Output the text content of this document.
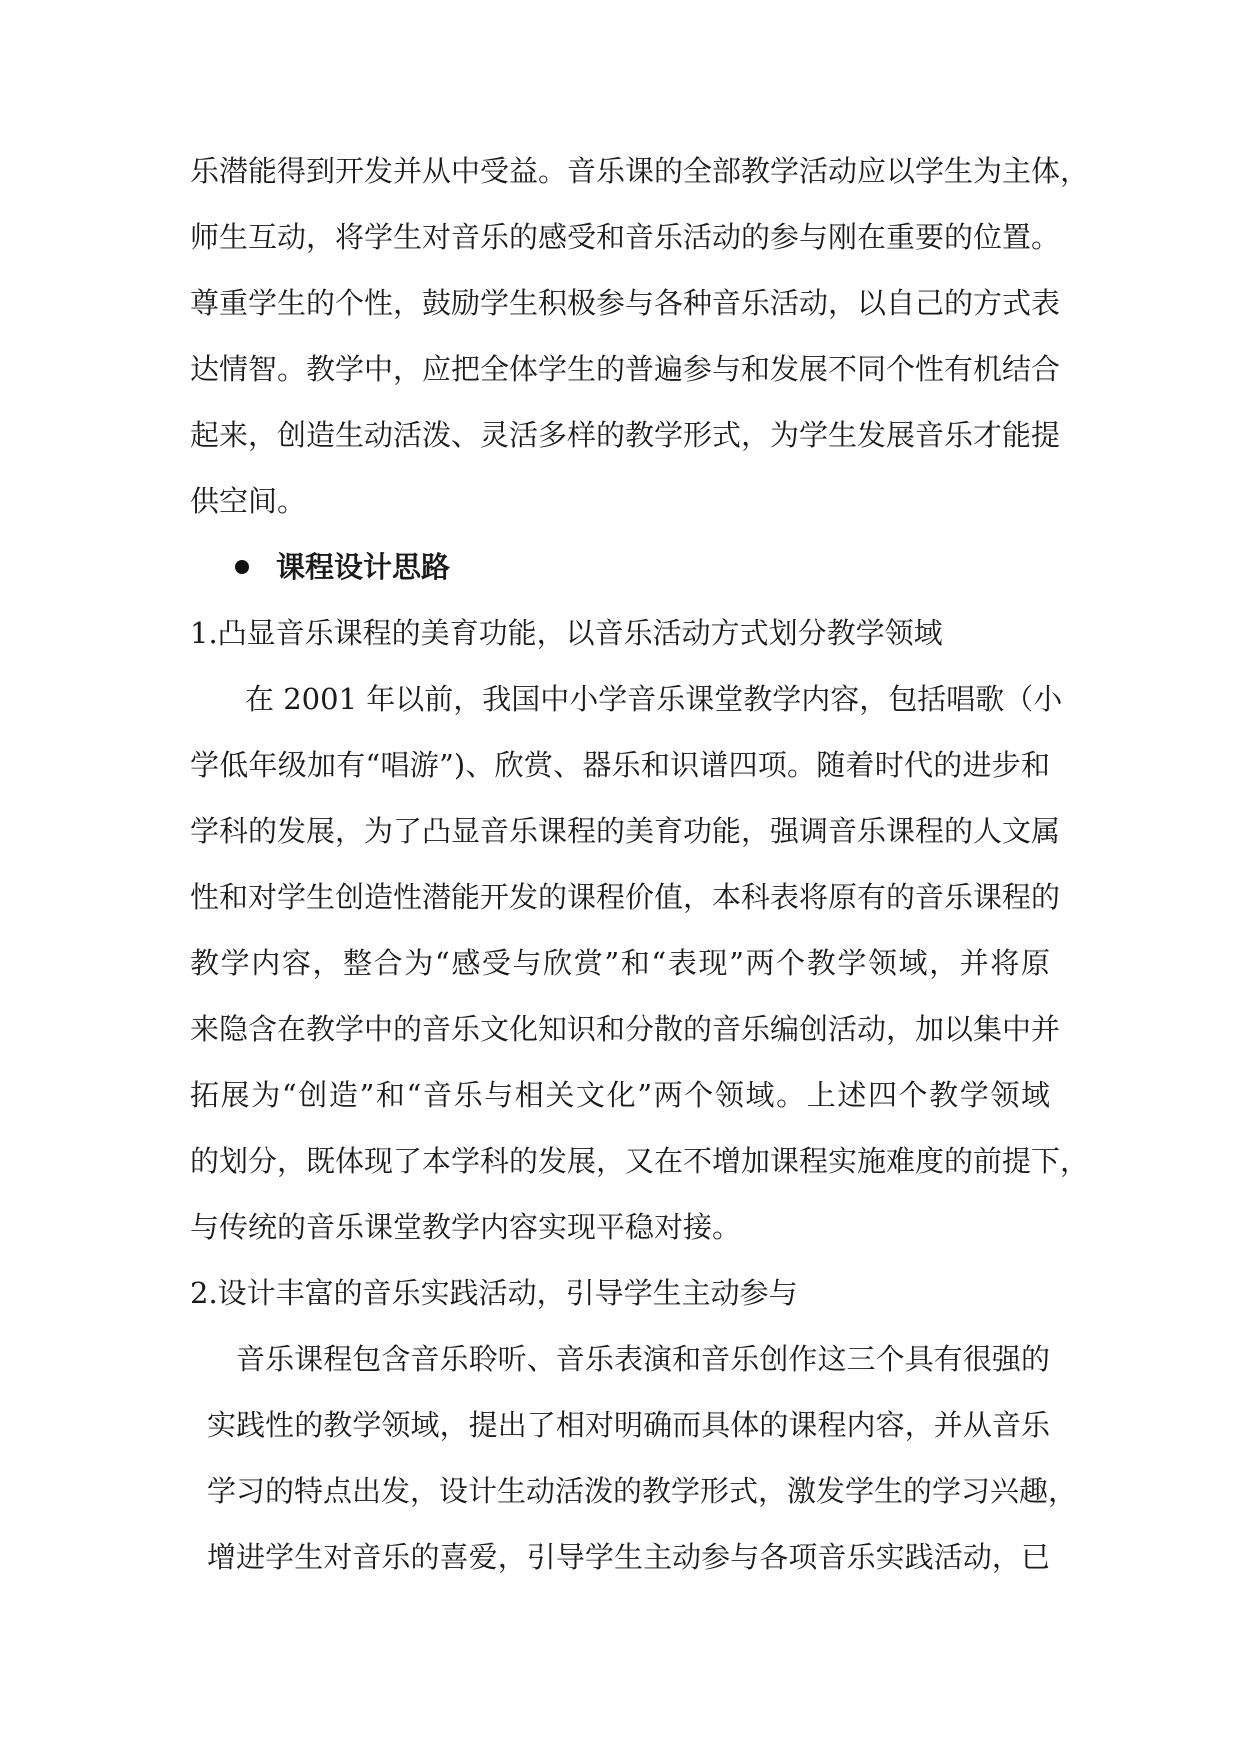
乐潜能得到开发并从中受益。音乐课的全部教学活动应以学生为主体，
师生互动，将学生对音乐的感受和音乐活动的参与刚在重要的位置。
尊重学生的个性，鼓励学生积极参与各种音乐活动，以自己的方式表
达情智。教学中，应把全体学生的普遍参与和发展不同个性有机结合
起来，创造生动活泼、灵活多样的教学形式，为学生发展音乐才能提
供空间。
课程设计思路
1.凸显音乐课程的美育功能，以音乐活动方式划分教学领域
在 2001 年以前，我国中小学音乐课堂教学内容，包括唱歌（小
学低年级加有“唱游”)、欣赏、器乐和识谱四项。随着时代的进步和
学科的发展，为了凸显音乐课程的美育功能，强调音乐课程的人文属
性和对学生创造性潜能开发的课程价值，本科表将原有的音乐课程的
教学内容，整合为“感受与欣赏”和“表现”两个教学领域，并将原
来隐含在教学中的音乐文化知识和分散的音乐编创活动，加以集中并
拓展为“创造”和“音乐与相关文化”两个领域。上述四个教学领域
的划分，既体现了本学科的发展，又在不增加课程实施难度的前提下，
与传统的音乐课堂教学内容实现平稳对接。
2.设计丰富的音乐实践活动，引导学生主动参与
音乐课程包含音乐聆听、音乐表演和音乐创作这三个具有很强的
实践性的教学领域，提出了相对明确而具体的课程内容，并从音乐
学习的特点出发，设计生动活泼的教学形式，激发学生的学习兴趣，
增进学生对音乐的喜爱，引导学生主动参与各项音乐实践活动，已
